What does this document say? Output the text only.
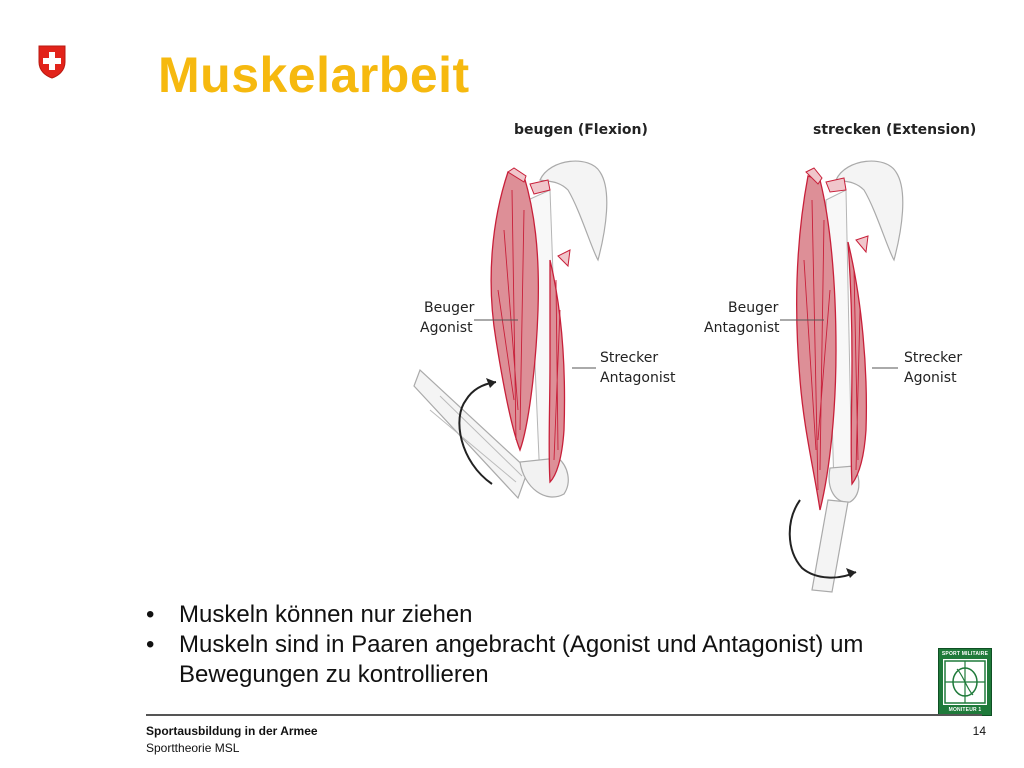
Muskelarbeit
beugen (Flexion)	strecken (Extension)
Beuger
Agonist
Strecker
Antagonist
Beuger
Antagonist
Strecker
Agonist
• Muskeln können nur ziehen
• Muskeln sind in Paaren angebracht (Agonist und Antagonist) um
Bewegungen zu kontrollieren
SPORT MILITAIRE
MONITEUR 1
Sportausbildung in der Armee
Sporttheorie MSL
14
